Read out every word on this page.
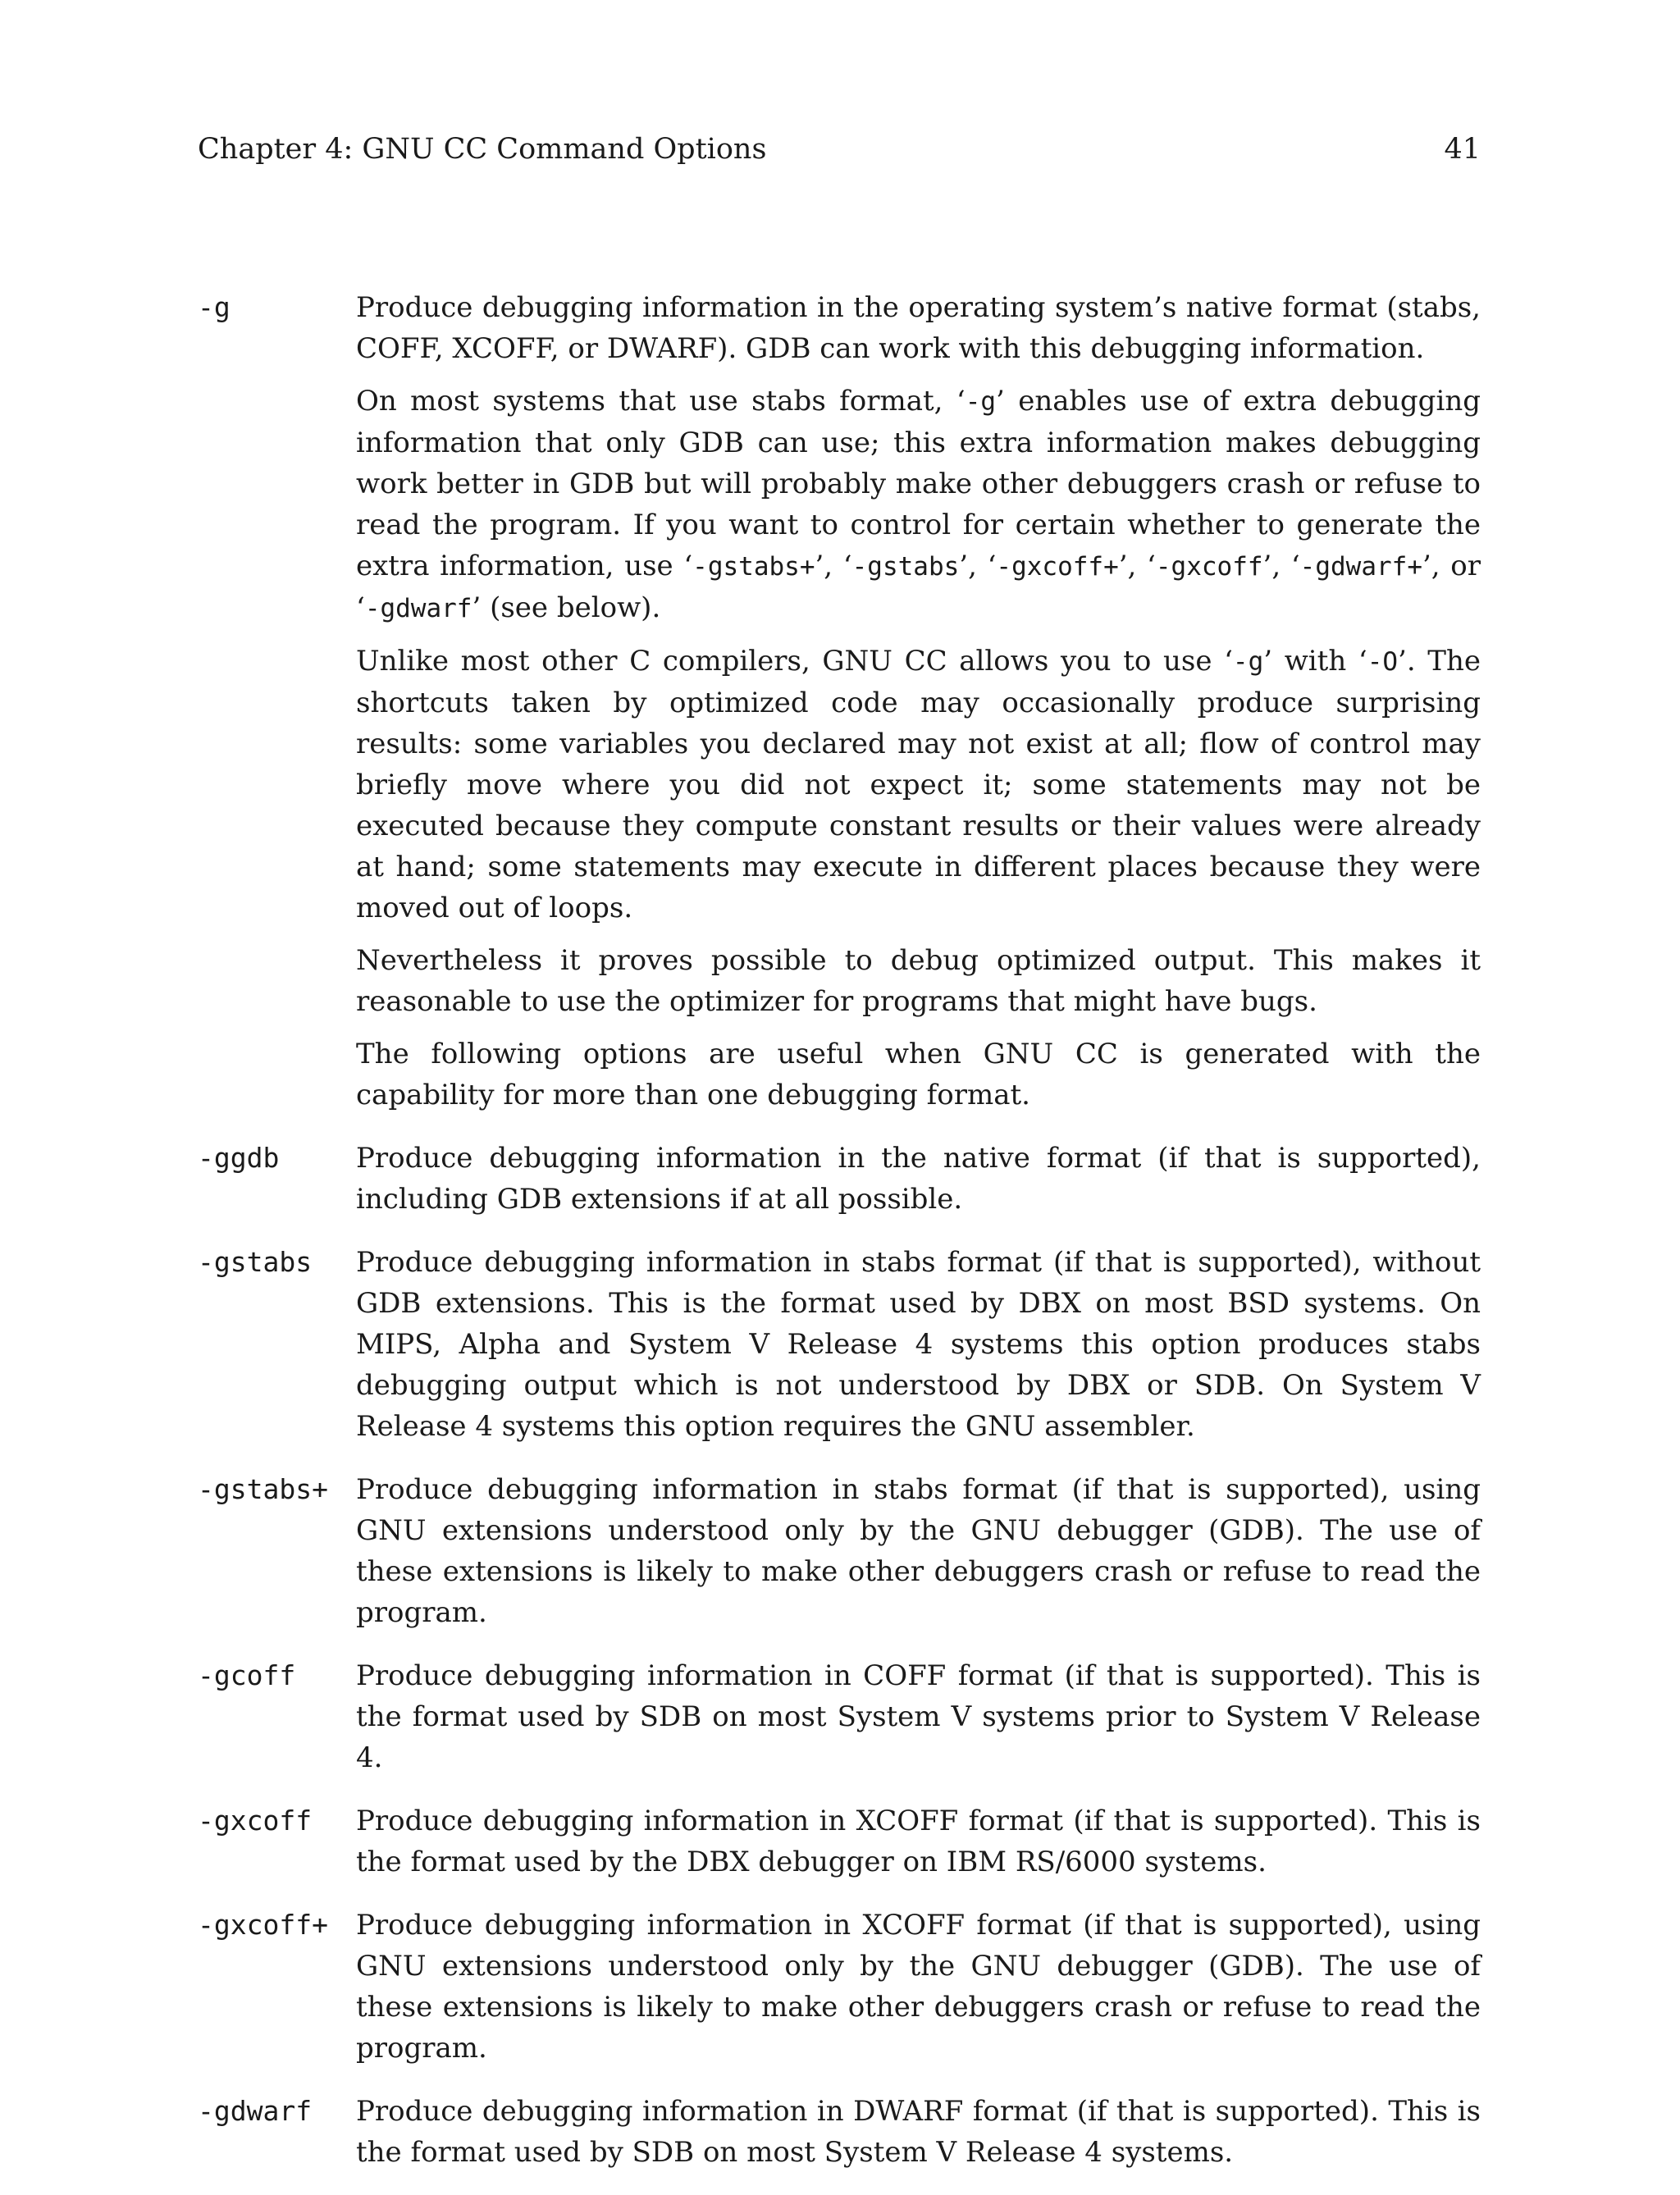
Chapter 4: GNU CC Command Options	41
-g	Produce debugging information in the operating system’s native format (stabs, COFF, XCOFF, or DWARF). GDB can work with this debugging information.

On most systems that use stabs format, ‘-g’ enables use of extra debugging information that only GDB can use; this extra information makes debugging work better in GDB but will probably make other debuggers crash or refuse to read the program. If you want to control for certain whether to generate the extra information, use ‘-gstabs+’, ‘-gstabs’, ‘-gxcoff+’, ‘-gxcoff’, ‘-gdwarf+’, or ‘-gdwarf’ (see below).

Unlike most other C compilers, GNU CC allows you to use ‘-g’ with ‘-O’. The shortcuts taken by optimized code may occasionally produce surprising results: some variables you declared may not exist at all; flow of control may briefly move where you did not expect it; some statements may not be executed because they compute constant results or their values were already at hand; some statements may execute in different places because they were moved out of loops.

Nevertheless it proves possible to debug optimized output. This makes it reasonable to use the optimizer for programs that might have bugs.

The following options are useful when GNU CC is generated with the capability for more than one debugging format.

-ggdb	Produce debugging information in the native format (if that is supported), including GDB extensions if at all possible.

-gstabs	Produce debugging information in stabs format (if that is supported), without GDB extensions. This is the format used by DBX on most BSD systems. On MIPS, Alpha and System V Release 4 systems this option produces stabs debugging output which is not understood by DBX or SDB. On System V Release 4 systems this option requires the GNU assembler.

-gstabs+	Produce debugging information in stabs format (if that is supported), using GNU extensions understood only by the GNU debugger (GDB). The use of these extensions is likely to make other debuggers crash or refuse to read the program.

-gcoff	Produce debugging information in COFF format (if that is supported). This is the format used by SDB on most System V systems prior to System V Release 4.

-gxcoff	Produce debugging information in XCOFF format (if that is supported). This is the format used by the DBX debugger on IBM RS/6000 systems.

-gxcoff+	Produce debugging information in XCOFF format (if that is supported), using GNU extensions understood only by the GNU debugger (GDB). The use of these extensions is likely to make other debuggers crash or refuse to read the program.

-gdwarf	Produce debugging information in DWARF format (if that is supported). This is the format used by SDB on most System V Release 4 systems.
